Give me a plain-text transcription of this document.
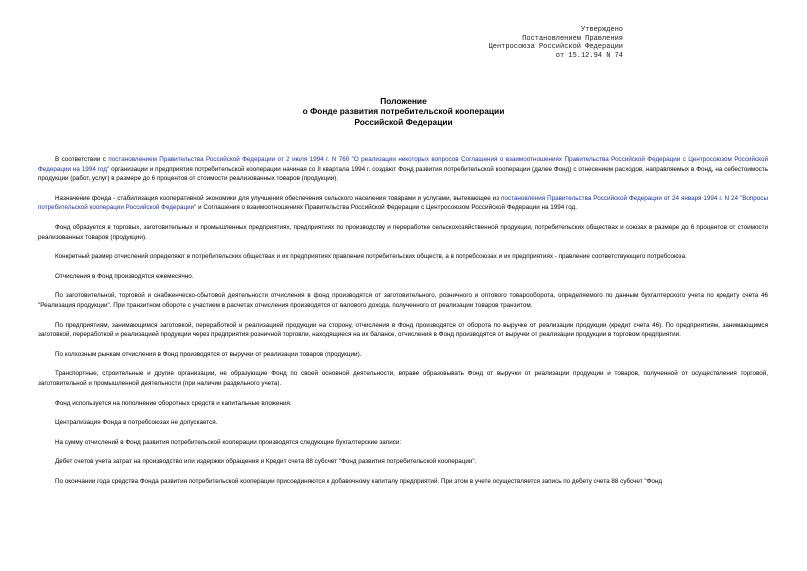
Утверждено
Постановлением Правления
Центросоюза Российской Федерации
от 15.12.94 N 74
Положение
о Фонде развития потребительской кооперации
Российской Федерации

В соответствии с постановлением Правительства Российской Федерации от 2 июля 1994 г. N 760 "О реализации некоторых вопросов Соглашения о взаимоотношениях Правительства Российской Федерации с Центросоюзом Российской Федерации на 1994 год" организации и предприятия потребительской кооперации начиная со II квартала 1994 г. создают Фонд развития потребительской кооперации (далее Фонд) с отнесением расходов, направляемых в Фонд, на себестоимость продукции (работ, услуг) в размере до 6 процентов от стоимости реализованных товаров (продукции).

Назначение фонда - стабилизация кооперативной экономики для улучшения обеспечения сельского населения товарами и услугами, вытекающее из постановления Правительства Российской Федерации от 24 января 1994 г. N 24 "Вопросы потребительской кооперации Российской Федерации" и Соглашения о взаимоотношениях Правительства Российской Федерации с Центросоюзом Российской Федерации на 1994 год.

Фонд образуется в торговых, заготовительных и промышленных предприятиях, предприятиях по производству и переработке сельскохозяйственной продукции, потребительских обществах и союзах в размере до 6 процентов от стоимости реализованных товаров (продукции).

Конкретный размер отчислений определяют в потребительских обществах и их предприятиях правления потребительских обществ, а в потребсоюзах и их предприятиях - правление соответствующего потребсоюза.

Отчисления в Фонд производятся ежемесячно.

По заготовительной, торговой и снабженческо-сбытовой деятельности отчисления в фонд производятся от заготовительного, розничного и оптового товарооборота, определяемого по данным бухгалтерского учета по кредиту счета 46 "Реализация продукции". При транзитном обороте с участием в расчетах отчисления производятся от валового дохода, полученного от реализации товаров транзитом.

По предприятиям, занимающимся заготовкой, переработкой и реализацией продукции на сторону, отчисления в Фонд производятся от оборота по выручке от реализации продукции (кредит счета 46). По предприятиям, занимающимся заготовкой, переработкой и реализацией продукции через предприятия розничной торговли, находящиеся на их балансе, отчисления в Фонд производятся от выручки от реализации продукции в торговом предприятии.

По колхозным рынкам отчисления в Фонд производятся от выручки от реализации товаров (продукции).

Транспортные, строительные и другие организации, не образующие Фонд по своей основной деятельности, вправе образовывать Фонд от выручки от реализации продукции и товаров, полученной от осуществления торговой, заготовительной и промышленной деятельности (при наличии раздельного учета).

Фонд используется на пополнение оборотных средств и капитальные вложения.

Централизация Фонда в потребсоюзах не допускается.

На сумму отчислений в Фонд развития потребительской кооперации производятся следующие бухгалтерские записи:

Дебет счетов учета затрат на производство или издержки обращения и Кредит счета 88 субсчет "Фонд развития потребительской кооперации".

По окончании года средства Фонда развития потребительской кооперации присоединяются к добавочному капиталу предприятий. При этом в учете осуществляется запись по дебету счета 88 субсчет "Фонд
